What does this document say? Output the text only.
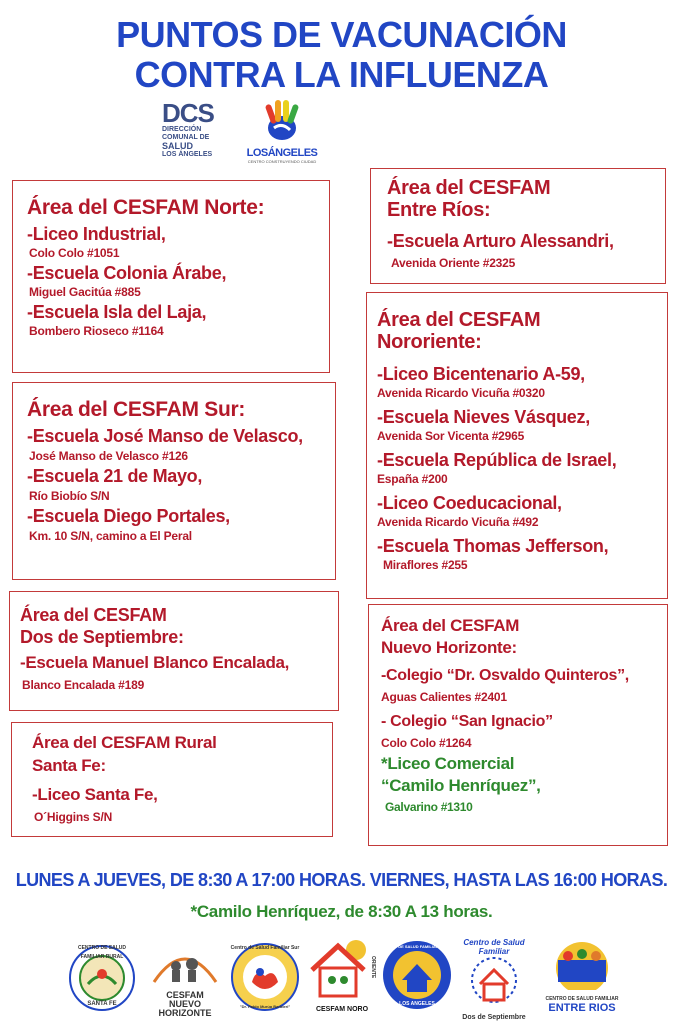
PUNTOS DE VACUNACIÓN
CONTRA LA INFLUENZA
DCS
DIRECCIÓN
COMUNAL DE
SALUD
LOS ÁNGELES	LOSÁNGELES
CENTRO CONSTRUYENDO CIUDAD
Área del CESFAM Norte:
-Liceo Industrial,
Colo Colo #1051
-Escuela Colonia Árabe,
Miguel Gacitúa #885
-Escuela Isla del Laja,
Bombero Rioseco #1164
Área del CESFAM Sur:
-Escuela José Manso de Velasco,
José Manso de Velasco #126
-Escuela 21 de Mayo,
Río Biobío S/N
-Escuela Diego Portales,
Km. 10 S/N, camino a El Peral
Área del CESFAM
Dos de Septiembre:
-Escuela Manuel Blanco Encalada,
Blanco Encalada #189
Área del CESFAM Rural
Santa Fe:
-Liceo Santa Fe,
O´Higgins S/N
Área del CESFAM
Entre Ríos:
-Escuela Arturo Alessandri,
Avenida Oriente #2325
Área del CESFAM
Nororiente:
-Liceo Bicentenario A-59,
Avenida Ricardo Vicuña #0320
-Escuela Nieves Vásquez,
Avenida Sor Vicenta #2965
-Escuela República de Israel,
España #200
-Liceo Coeducacional,
Avenida Ricardo Vicuña #492
-Escuela Thomas Jefferson,
Miraflores #255
Área del CESFAM
Nuevo Horizonte:
-Colegio “Dr. Osvaldo Quinteros”,
Aguas Calientes #2401
- Colegio “San Ignacio”
Colo Colo #1264
*Liceo Comercial
“Camilo Henríquez”,
Galvarino #1310
LUNES A JUEVES, DE 8:30 A 17:00 HORAS. VIERNES, HASTA LAS 16:00 HORAS.
*Camilo Henríquez, de 8:30 A 13 horas.
CENTRO DE SALUD FAMILIAR RURAL
SANTA FE
CESFAM
NUEVO HORIZONTE
Centro de Salud Familiar Sur
"Dr. Pablo Murúa Barbieri"	CESFAM NORO
ORIENTE
CENTRO DE SALUD FAMILIAR NORTE
LOS ANGELES
Centro de Salud Familiar
Dos de Septiembre
CENTRO DE SALUD FAMILIAR
ENTRE RIOS
